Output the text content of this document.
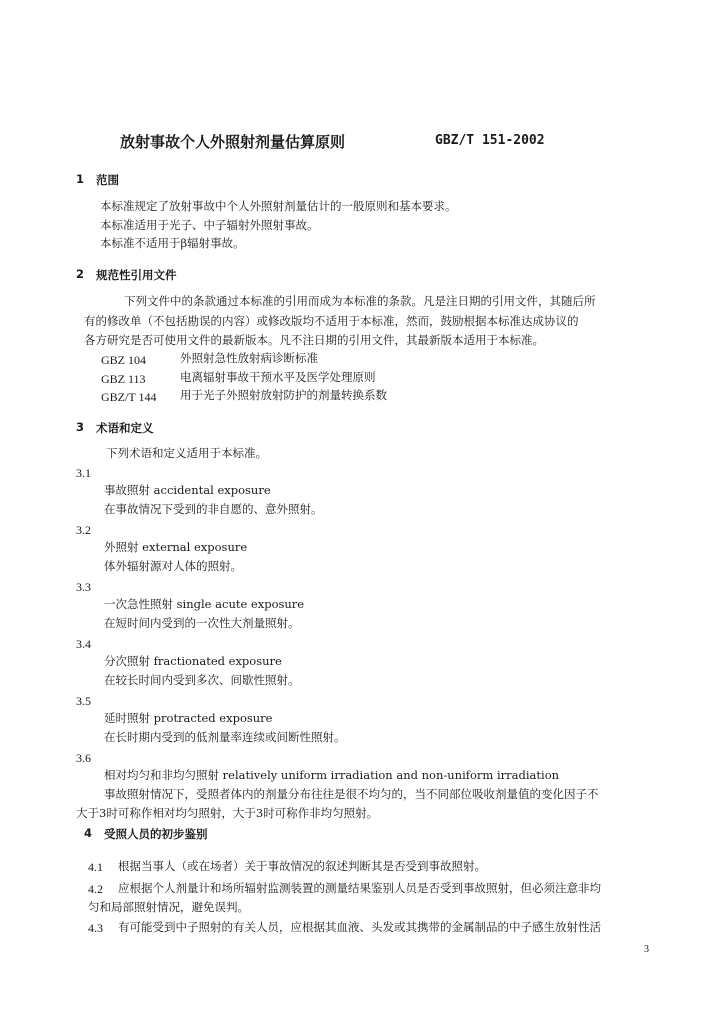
放射事故个人外照射剂量估算原则	GBZ/T 151-2002
1 范围
本标准规定了放射事故中个人外照射剂量估计的一般原则和基本要求。
本标准适用于光子、中子辐射外照射事故。
本标准不适用于β辐射事故。
2 规范性引用文件
下列文件中的条款通过本标准的引用而成为本标准的条款。凡是注日期的引用文件，其随后所
有的修改单（不包括勘误的内容）或修改版均不适用于本标准，然而，鼓励根据本标准达成协议的
各方研究是否可使用文件的最新版本。凡不注日期的引用文件，其最新版本适用于本标准。
GBZ 104	外照射急性放射病诊断标准
GBZ 113	电离辐射事故干预水平及医学处理原则
GBZ/T 144 用于光子外照射放射防护的剂量转换系数
3 术语和定义
下列术语和定义适用于本标准。
3.1
事故照射 accidental exposure
在事故情况下受到的非自愿的、意外照射。
3.2
外照射 external exposure
体外辐射源对人体的照射。
3.3
一次急性照射 single acute exposure
在短时间内受到的一次性大剂量照射。
3.4
分次照射 fractionated exposure
在较长时间内受到多次、间歇性照射。
3.5
延时照射 protracted exposure
在长时期内受到的低剂量率连续或间断性照射。
3.6
相对均匀和非均匀照射 relatively uniform irradiation and non-uniform irradiation
事故照射情况下，受照者体内的剂量分布往往是很不均匀的，当不同部位吸收剂量值的变化因子不
大于3时可称作相对均匀照射，大于3时可称作非均匀照射。
4 受照人员的初步鉴别
4.1 根据当事人（或在场者）关于事故情况的叙述判断其是否受到事故照射。
4.2 应根据个人剂量计和场所辐射监测装置的测量结果鉴别人员是否受到事故照射，但必须注意非均
匀和局部照射情况，避免误判。
4.3 有可能受到中子照射的有关人员，应根据其血液、头发或其携带的金属制品的中子感生放射性活
3
